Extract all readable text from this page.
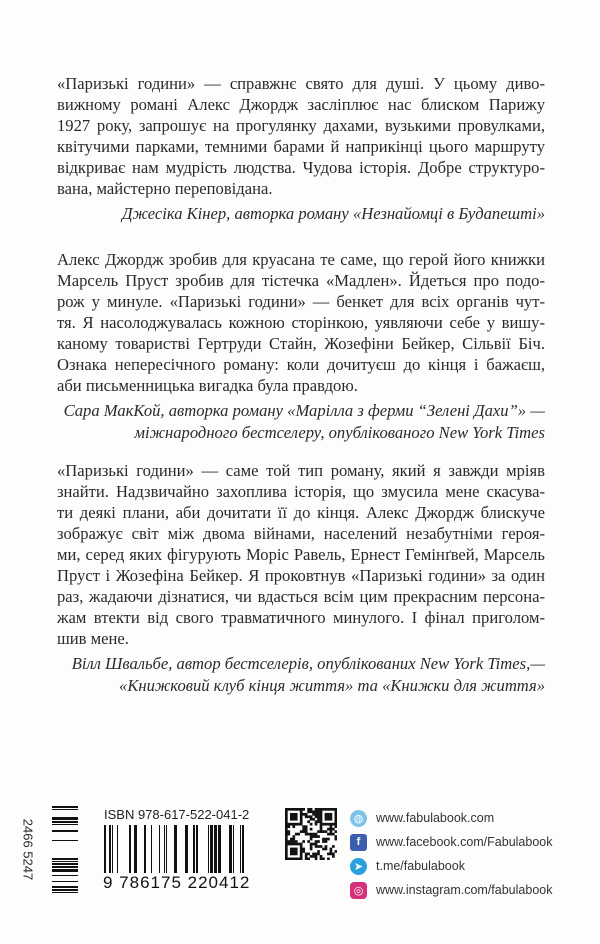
«Паризькі години» — справжнє свято для душі. У цьому диво-
вижному романі Алекс Джордж засліплює нас блиском Парижу
1927 року, запрошує на прогулянку дахами, вузькими провулками,
квітучими парками, темними барами й наприкінці цього маршруту
відкриває нам мудрість людства. Чудова історія. Добре структуро-
вана, майстерно переповідана.
Джесіка Кінер, авторка роману «Незнайомці в Будапешті»
Алекс Джордж зробив для круасана те саме, що герой його книжки
Марсель Пруст зробив для тістечка «Мадлен». Йдеться про подо-
рож у минуле. «Паризькі години» — бенкет для всіх органів чут-
тя. Я насолоджувалась кожною сторінкою, уявляючи себе у вишу-
каному товаристві Гертруди Стайн, Жозефіни Бейкер, Сільвії Біч.
Ознака непересічного роману: коли дочитуєш до кінця і бажаєш,
аби письменницька вигадка була правдою.
Сара МакКой, авторка роману «Марілла з ферми “Зелені Дахи”» —
міжнародного бестселеру, опублікованого New York Times
«Паризькі години» — саме той тип роману, який я завжди мріяв
знайти. Надзвичайно захоплива історія, що змусила мене скасува-
ти деякі плани, аби дочитати її до кінця. Алекс Джордж блискуче
зображує світ між двома війнами, населений незабутніми героя-
ми, серед яких фігурують Моріс Равель, Ернест Гемінґвей, Марсель
Пруст і Жозефіна Бейкер. Я проковтнув «Паризькі години» за один
раз, жадаючи дізнатися, чи вдасться всім цим прекрасним персона-
жам втекти від свого травматичного минулого. І фінал приголом-
шив мене.
Вілл Швальбе, автор бестселерів, опублікованих New York Times,—
«Книжковий клуб кінця життя» та «Книжки для життя»
2466 5247
ISBN 978-617-522-041-2
9 786175 220412
◍ www.fabulabook.com
f	www.facebook.com/Fabulabook
➤	t.me/fabulabook
◎ www.instagram.com/fabulabook
